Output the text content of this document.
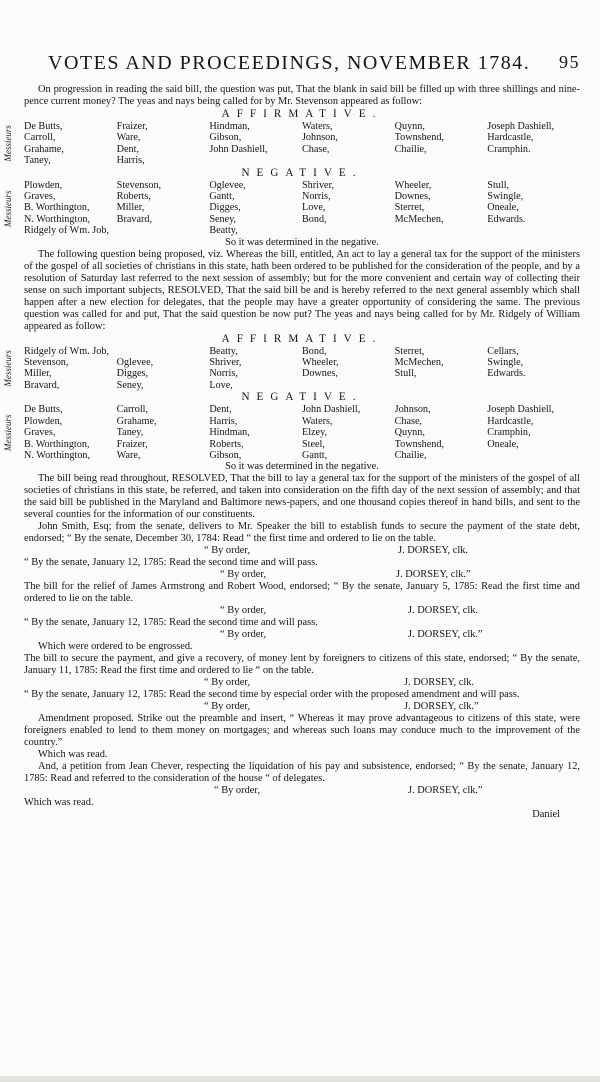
VOTES AND PROCEEDINGS, NOVEMBER 1784. 95

On progression in reading the said bill, the question was put, That the blank in said bill be filled up with three shillings and nine-pence current money? The yeas and nays being called for by Mr. Stevenson appeared as follow:

AFFIRMATIVE.
Messieurs De Butts,	Fraizer,	Hindman,	Waters,	Quynn,	Joseph Dashiell,
Carroll,	Ware,	Gibson,	Johnson,	Townshend,	Hardcastle,
Grahame,	Dent,	John Dashiell,	Chase,	Chailie,	Cramphin.
Taney,	Harris,				
NEGATIVE.
Messieurs
Plowden,	Stevenson,	Oglevee,	Shriver,	Wheeler,	Stull,
Graves,	Roberts,	Gantt,	Norris,	Downes,	Swingle,
B. Worthington,	Miller,	Digges,	Love,	Sterret,	Oneale,
N. Worthington,	Bravard,	Seney,	Bond,	McMechen,	Edwards.
Ridgely of Wm. Job,		Beatty,			
So it was determined in the negative.

The following question being proposed, viz. Whereas the bill, entitled, An act to lay a general tax for the support of the ministers of the gospel of all societies of christians in this state, hath been ordered to be published for the consideration of the people, and by a resolution of Saturday last referred to the next session of assembly; but for the more convenient and certain way of collecting their sense on such important subjects, RESOLVED, That the said bill be and is hereby referred to the next general assembly which shall happen after a new election for delegates, that the people may have a greater opportunity of considering the same. The previous question was called for and put, That the said question be now put? The yeas and nays being called for by Mr. Ridgely of William appeared as follow:

AFFIRMATIVE.
Messieurs Ridgely of Wm. Job,		Beatty,	Bond,	Sterret,	Cellars,
Stevenson,	Oglevee,	Shriver,	Wheeler,	McMechen,	Swingle,
Miller,	Digges,	Norris,	Downes,	Stull,	Edwards.
Bravard,	Seney,	Love,			
NEGATIVE.
Messieurs
De Butts,	Carroll,	Dent,	John Dashiell,	Johnson,	Joseph Dashiell,
Plowden,	Grahame,	Harris,	Waters,	Chase,	Hardcastle,
Graves,	Taney,	Hindman,	Elzey,	Quynn,	Cramphin,
B. Worthington,	Fraizer,	Roberts,	Steel,	Townshend,	Oneale,
N. Worthington,	Ware,	Gibson,	Gantt,	Chailie,	
So it was determined in the negative.

The bill being read throughout, RESOLVED, That the bill to lay a general tax for the support of the ministers of the gospel of all societies of christians in this state, be referred, and taken into consideration on the fifth day of the next session of assembly; and that the said bill be published in the Maryland and Baltimore news-papers, and one thousand copies thereof in hand bills, and sent to the several counties for the information of our constituents.

John Smith, Esq; from the senate, delivers to Mr. Speaker the bill to establish funds to secure the payment of the state debt, endorsed; “ By the senate, December 30, 1784: Read “ the first time and ordered to lie on the table.

“ By order,	J. DORSEY, clk.

“ By the senate, January 12, 1785: Read the second time and will pass.

“ By order,	J. DORSEY, clk.”

The bill for the relief of James Armstrong and Robert Wood, endorsed; “ By the senate, January 5, 1785: Read the first time and ordered to lie on the table.

“ By order,	J. DORSEY, clk.

“ By the senate, January 12, 1785: Read the second time and will pass.

“ By order,	J. DORSEY, clk.”

Which were ordered to be engrossed.

The bill to secure the payment, and give a recovery, of money lent by foreigners to citizens of this state, endorsed; “ By the senate, January 11, 1785: Read the first time and ordered to lie “ on the table.

“ By order,	J. DORSEY, clk.

“ By the senate, January 12, 1785: Read the second time by especial order with the proposed amendment and will pass.

“ By order,	J. DORSEY, clk.”

Amendment proposed. Strike out the preamble and insert, “ Whereas it may prove advantageous to citizens of this state, were foreigners enabled to lend to them money on mortgages; and whereas such loans may conduce much to the improvement of the country.”

Which was read.

And, a petition from Jean Chever, respecting the liquidation of his pay and subsistence, endorsed; “ By the senate, January 12, 1785: Read and referred to the consideration of the house “ of delegates.

“ By order,	J. DORSEY, clk.”

Which was read.

Daniel
